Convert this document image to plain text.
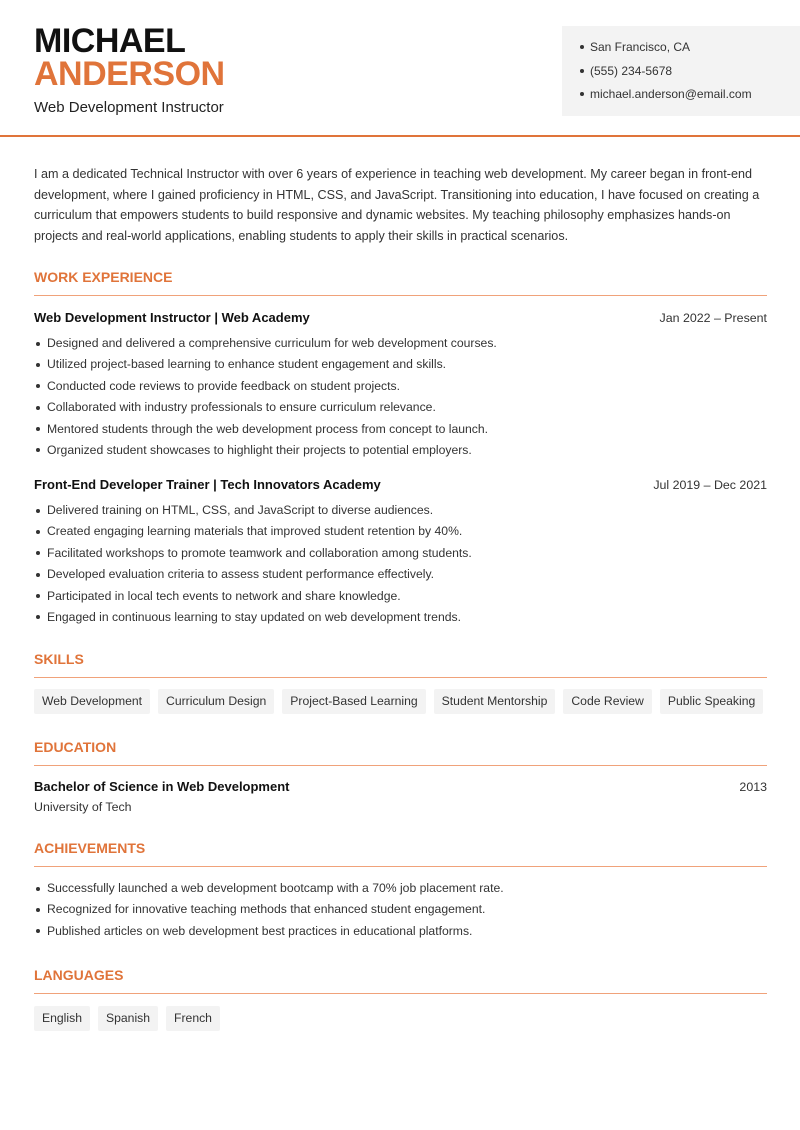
MICHAEL
ANDERSON
Web Development Instructor
San Francisco, CA
(555) 234-5678
michael.anderson@email.com

I am a dedicated Technical Instructor with over 6 years of experience in teaching web development. My career began in front-end development, where I gained proficiency in HTML, CSS, and JavaScript. Transitioning into education, I have focused on creating a curriculum that empowers students to build responsive and dynamic websites. My teaching philosophy emphasizes hands-on projects and real-world applications, enabling students to apply their skills in practical scenarios.

WORK EXPERIENCE
Web Development Instructor | Web Academy	Jan 2022 – Present
Designed and delivered a comprehensive curriculum for web development courses.
Utilized project-based learning to enhance student engagement and skills.
Conducted code reviews to provide feedback on student projects.
Collaborated with industry professionals to ensure curriculum relevance.
Mentored students through the web development process from concept to launch.
Organized student showcases to highlight their projects to potential employers.
Front-End Developer Trainer | Tech Innovators Academy	Jul 2019 – Dec 2021
Delivered training on HTML, CSS, and JavaScript to diverse audiences.
Created engaging learning materials that improved student retention by 40%.
Facilitated workshops to promote teamwork and collaboration among students.
Developed evaluation criteria to assess student performance effectively.
Participated in local tech events to network and share knowledge.
Engaged in continuous learning to stay updated on web development trends.
SKILLS
Web Development	Curriculum Design	Project-Based Learning	Student Mentorship	Code Review	Public Speaking
EDUCATION
Bachelor of Science in Web Development	2013
University of Tech
ACHIEVEMENTS
Successfully launched a web development bootcamp with a 70% job placement rate.
Recognized for innovative teaching methods that enhanced student engagement.
Published articles on web development best practices in educational platforms.
LANGUAGES
English	Spanish	French
